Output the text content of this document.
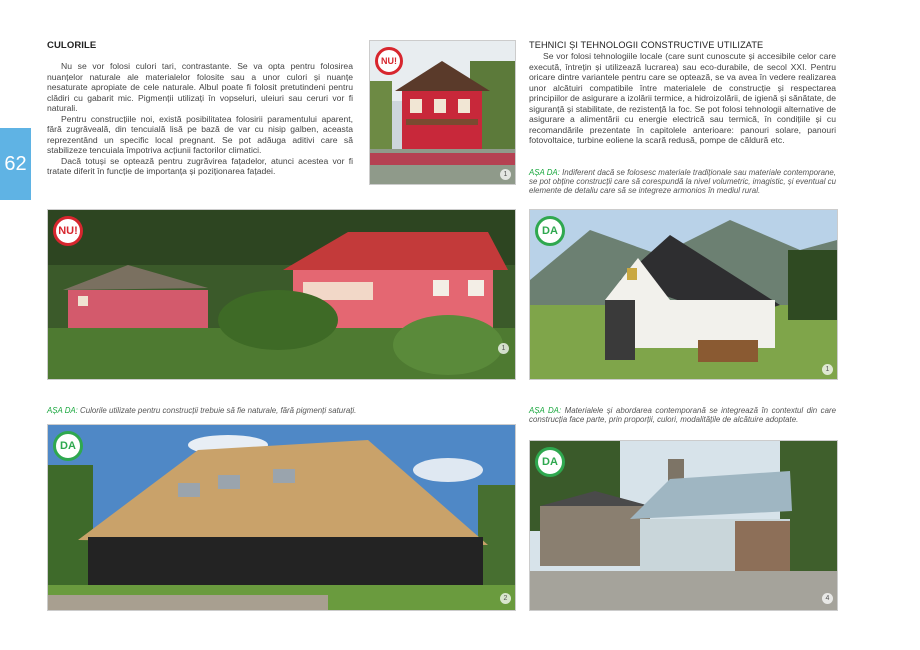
62
CULORILE

Nu se vor folosi culori tari, contrastante. Se va opta pentru folosirea nuanțelor naturale ale materialelor folosite sau a unor culori și nuanțe nesaturate apropiate de cele naturale. Albul poate fi folosit pretutindeni pentru clădiri cu gabarit mic. Pigmenții utilizați în vopseluri, uleiuri sau ceruri vor fi naturali.

Pentru construcțiile noi, există posibilitatea folosirii paramentului aparent, fără zugrăveală, din tencuială lisă pe bază de var cu nisip galben, aceasta reprezentând un specific local pregnant. Se pot adăuga aditivi care să stabilizeze tencuiala împotriva acțiunii factorilor climatici.

Dacă totuși se optează pentru zugrăvirea fațadelor, atunci acestea vor fi tratate diferit în funcție de importanța și poziționarea fațadei.

TEHNICI ȘI TEHNOLOGII CONSTRUCTIVE UTILIZATE

Se vor folosi tehnologiile locale (care sunt cunoscute și accesibile celor care execută, întrețin și utilizează lucrarea) sau eco-durabile, de secol XXI. Pentru oricare dintre variantele pentru care se optează, se va avea în vedere realizarea unor alcătuiri compatibile între materialele de construcție și respectarea principiilor de asigurare a izolării termice, a hidroizolării, de igienă și sănătate, de siguranță și stabilitate, de rezistență la foc. Se pot folosi tehnologii alternative de asigurare a alimentării cu energie electrică sau termică, în condițiile și cu recomandările prezentate în capitolele anterioare: panouri solare, panouri fotovoltaice, turbine eoliene la scară redusă, pompe de căldură etc.

AȘA DA: Indiferent dacă se folosesc materiale tradiționale sau materiale contemporane, se pot obține construcții care să corespundă la nivel volumetric, imagistic, și eventual cu elemente de detaliu care să se integreze armonios în mediul rural.
NU!
1
NU!
1
DA
1
AȘA DA: Culorile utilizate pentru construcții trebuie să fie naturale, fără pigmenți saturați.	AȘA DA: Materialele și abordarea contemporană se integrează în contextul din care construcția face parte, prin proporții, culori, modalitățile de alcătuire adoptate.
DA
2
DA
4
